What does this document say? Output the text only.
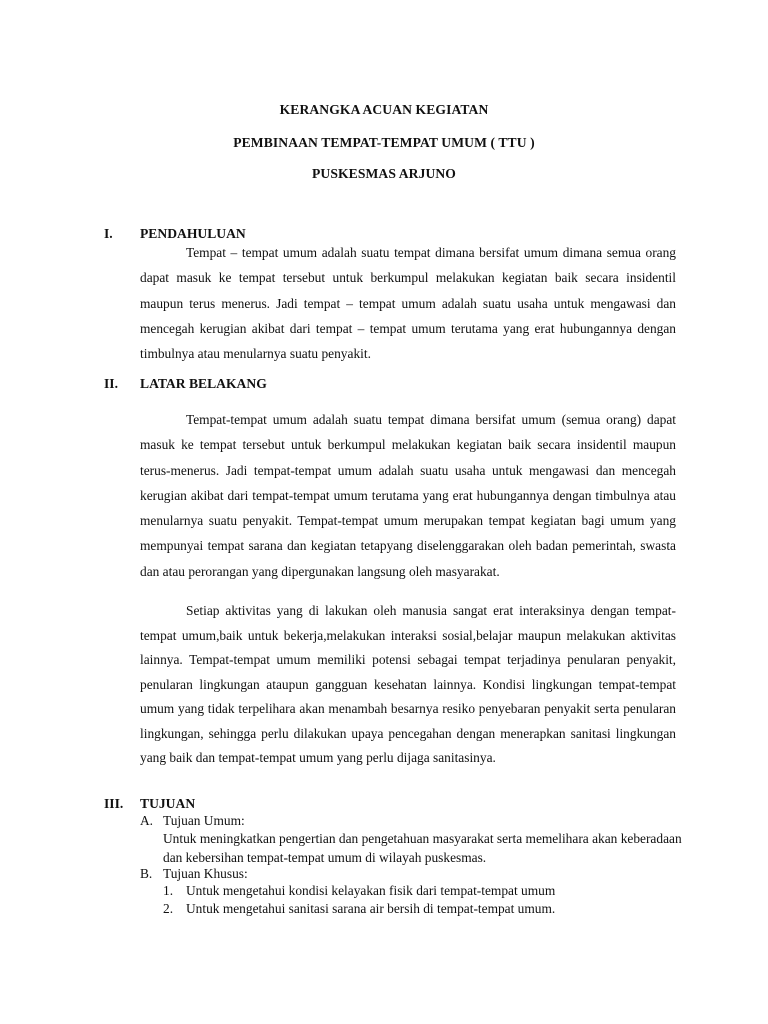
KERANGKA ACUAN KEGIATAN
PEMBINAAN TEMPAT-TEMPAT UMUM ( TTU )
PUSKESMAS ARJUNO
I. PENDAHULUAN

Tempat – tempat umum adalah suatu tempat dimana bersifat umum dimana semua orang dapat masuk ke tempat tersebut untuk berkumpul melakukan kegiatan baik secara insidentil maupun terus menerus. Jadi tempat – tempat umum adalah suatu usaha untuk mengawasi dan mencegah kerugian akibat dari tempat – tempat umum terutama yang erat hubungannya dengan timbulnya atau menularnya suatu penyakit.

II. LATAR BELAKANG

Tempat-tempat umum adalah suatu tempat dimana bersifat umum (semua orang) dapat masuk ke tempat tersebut untuk berkumpul melakukan kegiatan baik secara insidentil maupun terus-menerus. Jadi tempat-tempat umum adalah suatu usaha untuk mengawasi dan mencegah kerugian akibat dari tempat-tempat umum terutama yang erat hubungannya dengan timbulnya atau menularnya suatu penyakit. Tempat-tempat umum merupakan tempat kegiatan bagi umum yang mempunyai tempat sarana dan kegiatan tetapyang diselenggarakan oleh badan pemerintah, swasta dan atau perorangan yang dipergunakan langsung oleh masyarakat.

Setiap aktivitas yang di lakukan oleh manusia sangat erat interaksinya dengan tempat-tempat umum,baik untuk bekerja,melakukan interaksi sosial,belajar maupun melakukan aktivitas lainnya. Tempat-tempat umum memiliki potensi sebagai tempat terjadinya penularan penyakit, penularan lingkungan ataupun gangguan kesehatan lainnya. Kondisi lingkungan tempat-tempat umum yang tidak terpelihara akan menambah besarnya resiko penyebaran penyakit serta penularan lingkungan, sehingga perlu dilakukan upaya pencegahan dengan menerapkan sanitasi lingkungan yang baik dan tempat-tempat umum yang perlu dijaga sanitasinya.

III. TUJUAN
A. Tujuan Umum:

Untuk meningkatkan pengertian dan pengetahuan masyarakat serta memelihara akan keberadaan dan kebersihan tempat-tempat umum di wilayah puskesmas.

B. Tujuan Khusus:
1. Untuk mengetahui kondisi kelayakan fisik dari tempat-tempat umum
2. Untuk mengetahui sanitasi sarana air bersih di tempat-tempat umum.
